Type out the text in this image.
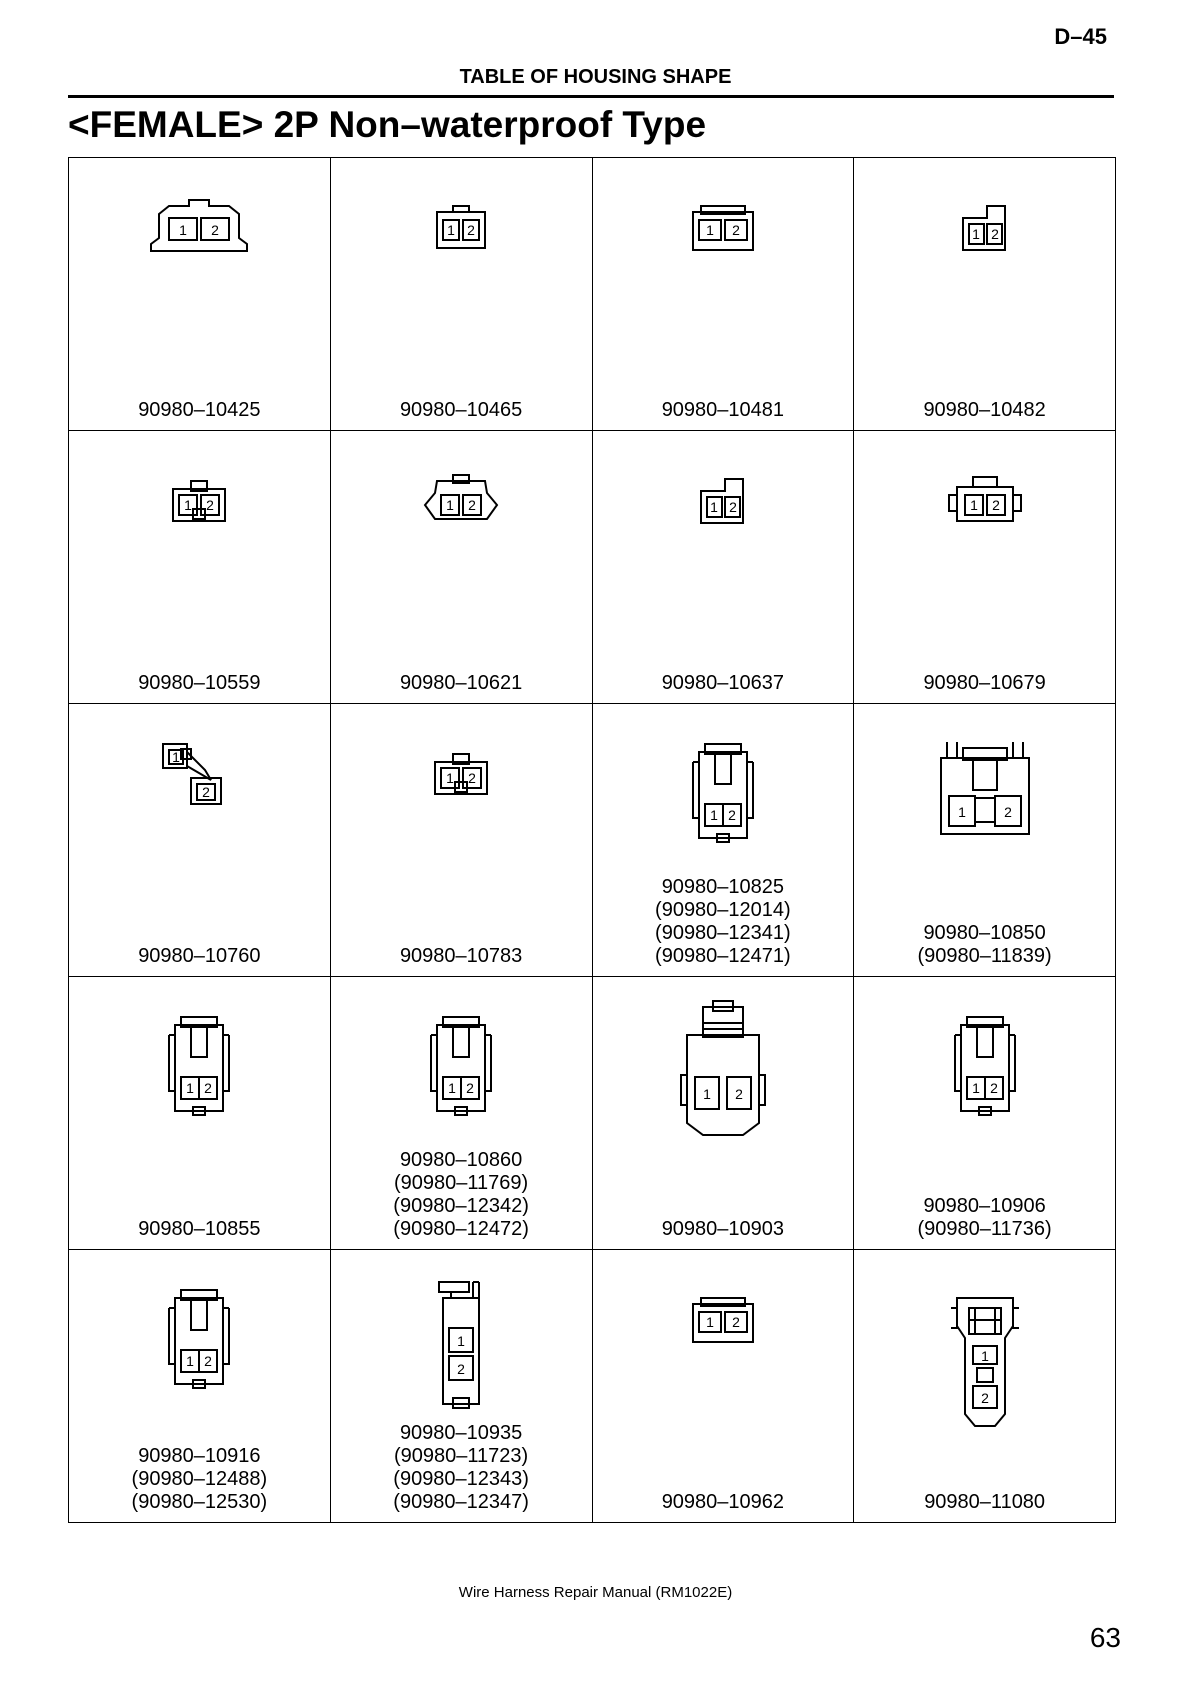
D–45
TABLE OF HOUSING SHAPE
<FEMALE> 2P Non–waterproof Type
1 2
90980–10425
1 2
90980–10465
1 2
90980–10481
1 2
90980–10482
1 2
90980–10559
1 2
90980–10621
1 2
90980–10637
1 2
90980–10679
1
2
90980–10760
1 2
90980–10783
1 2
90980–10825
(90980–12014)
(90980–12341)
(90980–12471)
1	2
90980–10850
(90980–11839)
1 2
90980–10855
1 2
90980–10860
(90980–11769)
(90980–12342)
(90980–12472)
1 2
90980–10903
1 2
90980–10906
(90980–11736)
1 2
90980–10916
(90980–12488)
(90980–12530)
1
2
90980–10935
(90980–11723)
(90980–12343)
(90980–12347)
1 2
90980–10962
1
2
90980–11080
Wire Harness Repair Manual (RM1022E)
63
